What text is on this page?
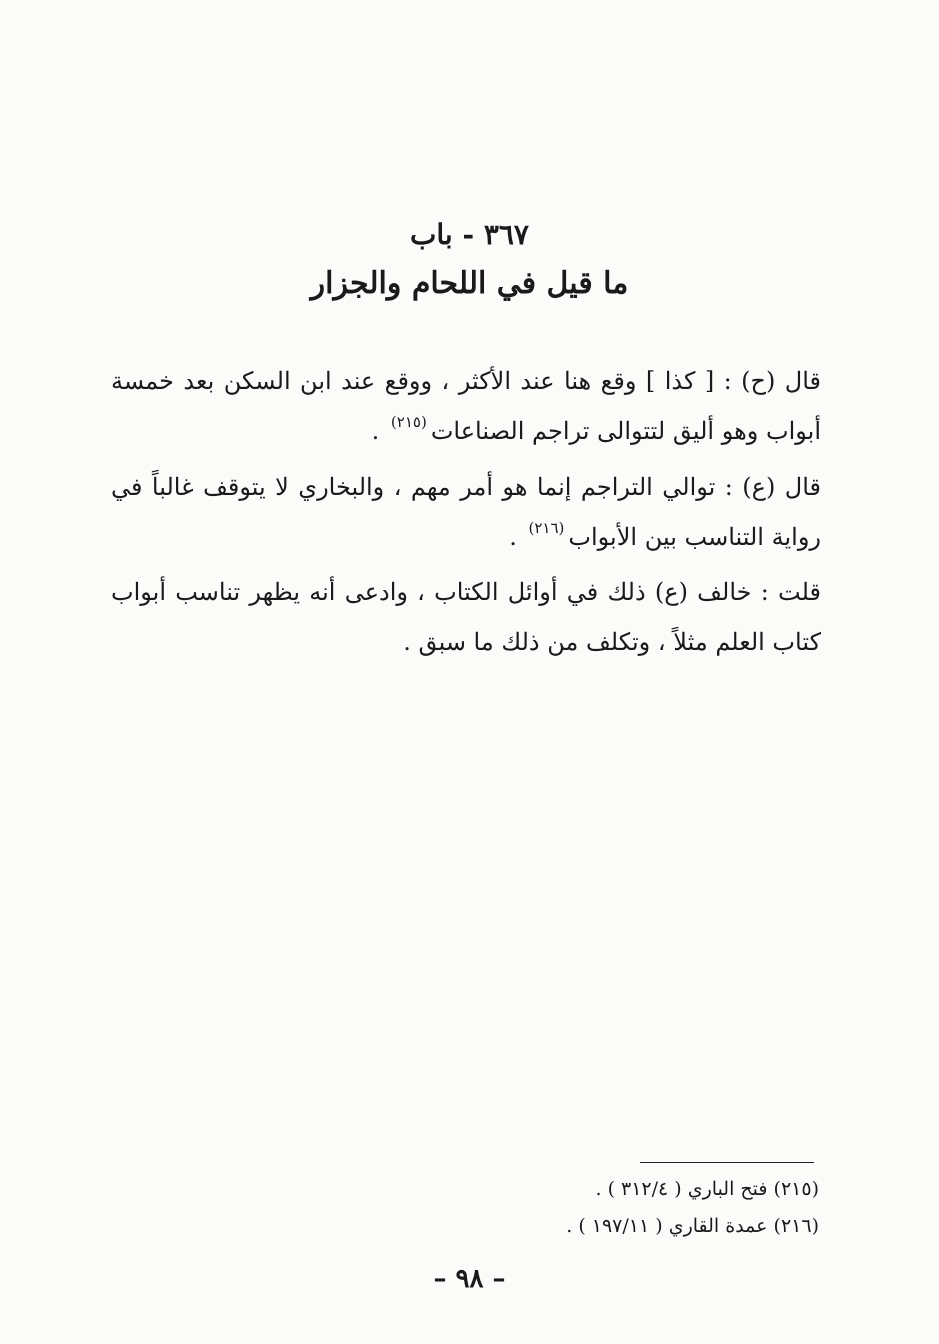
٣٦٧ - باب
ما قيل في اللحام والجزار

قال (ح) : [ كذا ] وقع هنا عند الأكثر ، ووقع عند ابن السكن بعد خمسة أبواب وهو أليق لتتوالى تراجم الصناعات$^{(٢١٥)}$ .

قال (ع) : توالي التراجم إنما هو أمر مهم ، والبخاري لا يتوقف غالباً في رواية التناسب بين الأبواب$^{(٢١٦)}$ .

قلت : خالف (ع) ذلك في أوائل الكتاب ، وادعى أنه يظهر تناسب أبواب كتاب العلم مثلاً ، وتكلف من ذلك ما سبق .

(٢١٥) فتح الباري ( ٣١٢/٤ ) .
(٢١٦) عمدة القاري ( ١٩٧/١١ ) .
– ٩٨ –
